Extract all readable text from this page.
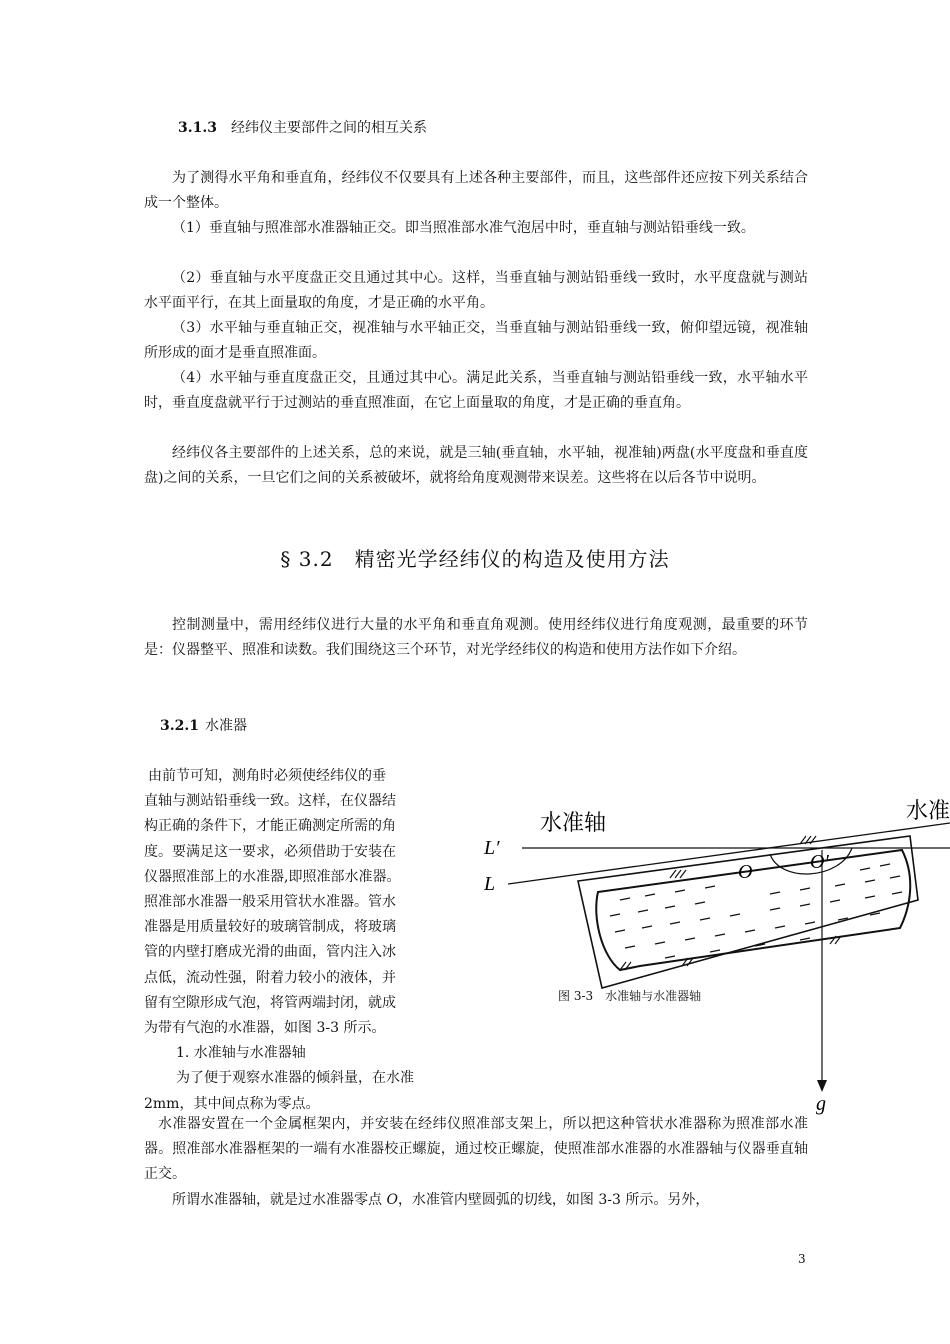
3.1.3 经纬仪主要部件之间的相互关系
为了测得水平角和垂直角，经纬仪不仅要具有上述各种主要部件，而且，这些部件还应按下列关系结合成一个整体。
（1）垂直轴与照准部水准器轴正交。即当照准部水准气泡居中时，垂直轴与测站铅垂线一致。
（2）垂直轴与水平度盘正交且通过其中心。这样，当垂直轴与测站铅垂线一致时，水平度盘就与测站水平面平行，在其上面量取的角度，才是正确的水平角。
（3）水平轴与垂直轴正交，视准轴与水平轴正交，当垂直轴与测站铅垂线一致，俯仰望远镜，视准轴所形成的面才是垂直照准面。
（4）水平轴与垂直度盘正交，且通过其中心。满足此关系，当垂直轴与测站铅垂线一致，水平轴水平时，垂直度盘就平行于过测站的垂直照准面，在它上面量取的角度，才是正确的垂直角。
经纬仪各主要部件的上述关系，总的来说，就是三轴(垂直轴，水平轴，视准轴)两盘(水平度盘和垂直度盘)之间的关系，一旦它们之间的关系被破坏，就将给角度观测带来误差。这些将在以后各节中说明。
§ 3.2　精密光学经纬仪的构造及使用方法
控制测量中，需用经纬仪进行大量的水平角和垂直角观测。使用经纬仪进行角度观测，最重要的环节是：仪器整平、照准和读数。我们围绕这三个环节，对光学经纬仪的构造和使用方法作如下介绍。
3.2.1 水准器
由前节可知，测角时必须使经纬仪的垂
直轴与测站铅垂线一致。这样，在仪器结
构正确的条件下，才能正确测定所需的角
度。要满足这一要求，必须借助于安装在
仪器照准部上的水准器,即照准部水准器。
照准部水准器一般采用管状水准器。管水
准器是用质量较好的玻璃管制成，将玻璃
管的内壁打磨成光滑的曲面，管内注入冰
点低，流动性强，附着力较小的液体，并
留有空隙形成气泡，将管两端封闭，就成
为带有气泡的水准器，如图 3-3 所示。
1. 水准轴与水准器轴
为了便于观察水准器的倾斜量，在水准
2mm，其中间点称为零点。
水准轴	水准
L′
L
O	O′
g
图 3-3　水准轴与水准器轴
水准器安置在一个金属框架内，并安装在经纬仪照准部支架上，所以把这种管状水准器称为照准部水准器。照准部水准器框架的一端有水准器校正螺旋，通过校正螺旋，使照准部水准器的水准器轴与仪器垂直轴正交。
所谓水准器轴，就是过水准器零点 O，水准管内壁圆弧的切线，如图 3-3 所示。另外，
3
